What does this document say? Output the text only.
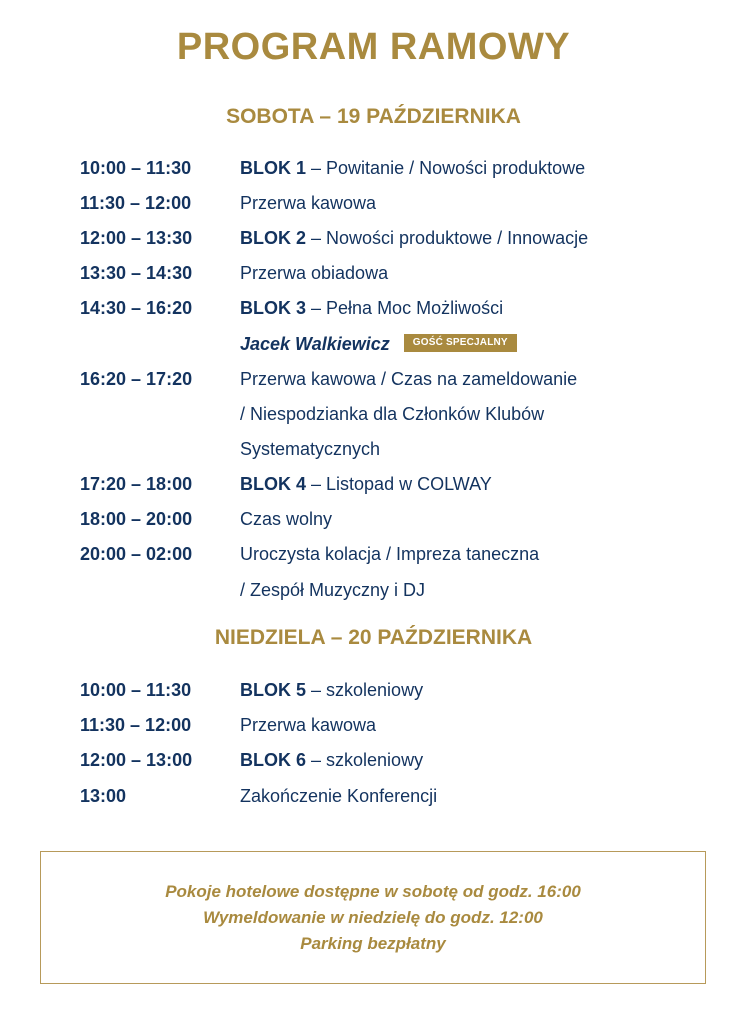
PROGRAM RAMOWY
SOBOTA – 19 PAŹDZIERNIKA
10:00 – 11:30	BLOK 1 – Powitanie / Nowości produktowe
11:30 – 12:00	Przerwa kawowa
12:00 – 13:30	BLOK 2 – Nowości produktowe / Innowacje
13:30 – 14:30	Przerwa obiadowa
14:30 – 16:20	BLOK 3 – Pełna Moc Możliwości
Jacek Walkiewicz GOŚĆ SPECJALNY
16:20 – 17:20	Przerwa kawowa / Czas na zameldowanie
/ Niespodzianka dla Członków Klubów
Systematycznych
17:20 – 18:00	BLOK 4 – Listopad w COLWAY
18:00 – 20:00	Czas wolny
20:00 – 02:00	Uroczysta kolacja / Impreza taneczna
/ Zespół Muzyczny i DJ
NIEDZIELA – 20 PAŹDZIERNIKA
10:00 – 11:30	BLOK 5 – szkoleniowy
11:30 – 12:00	Przerwa kawowa
12:00 – 13:00	BLOK 6 – szkoleniowy
13:00	Zakończenie Konferencji
Pokoje hotelowe dostępne w sobotę od godz. 16:00
Wymeldowanie w niedzielę do godz. 12:00
Parking bezpłatny
